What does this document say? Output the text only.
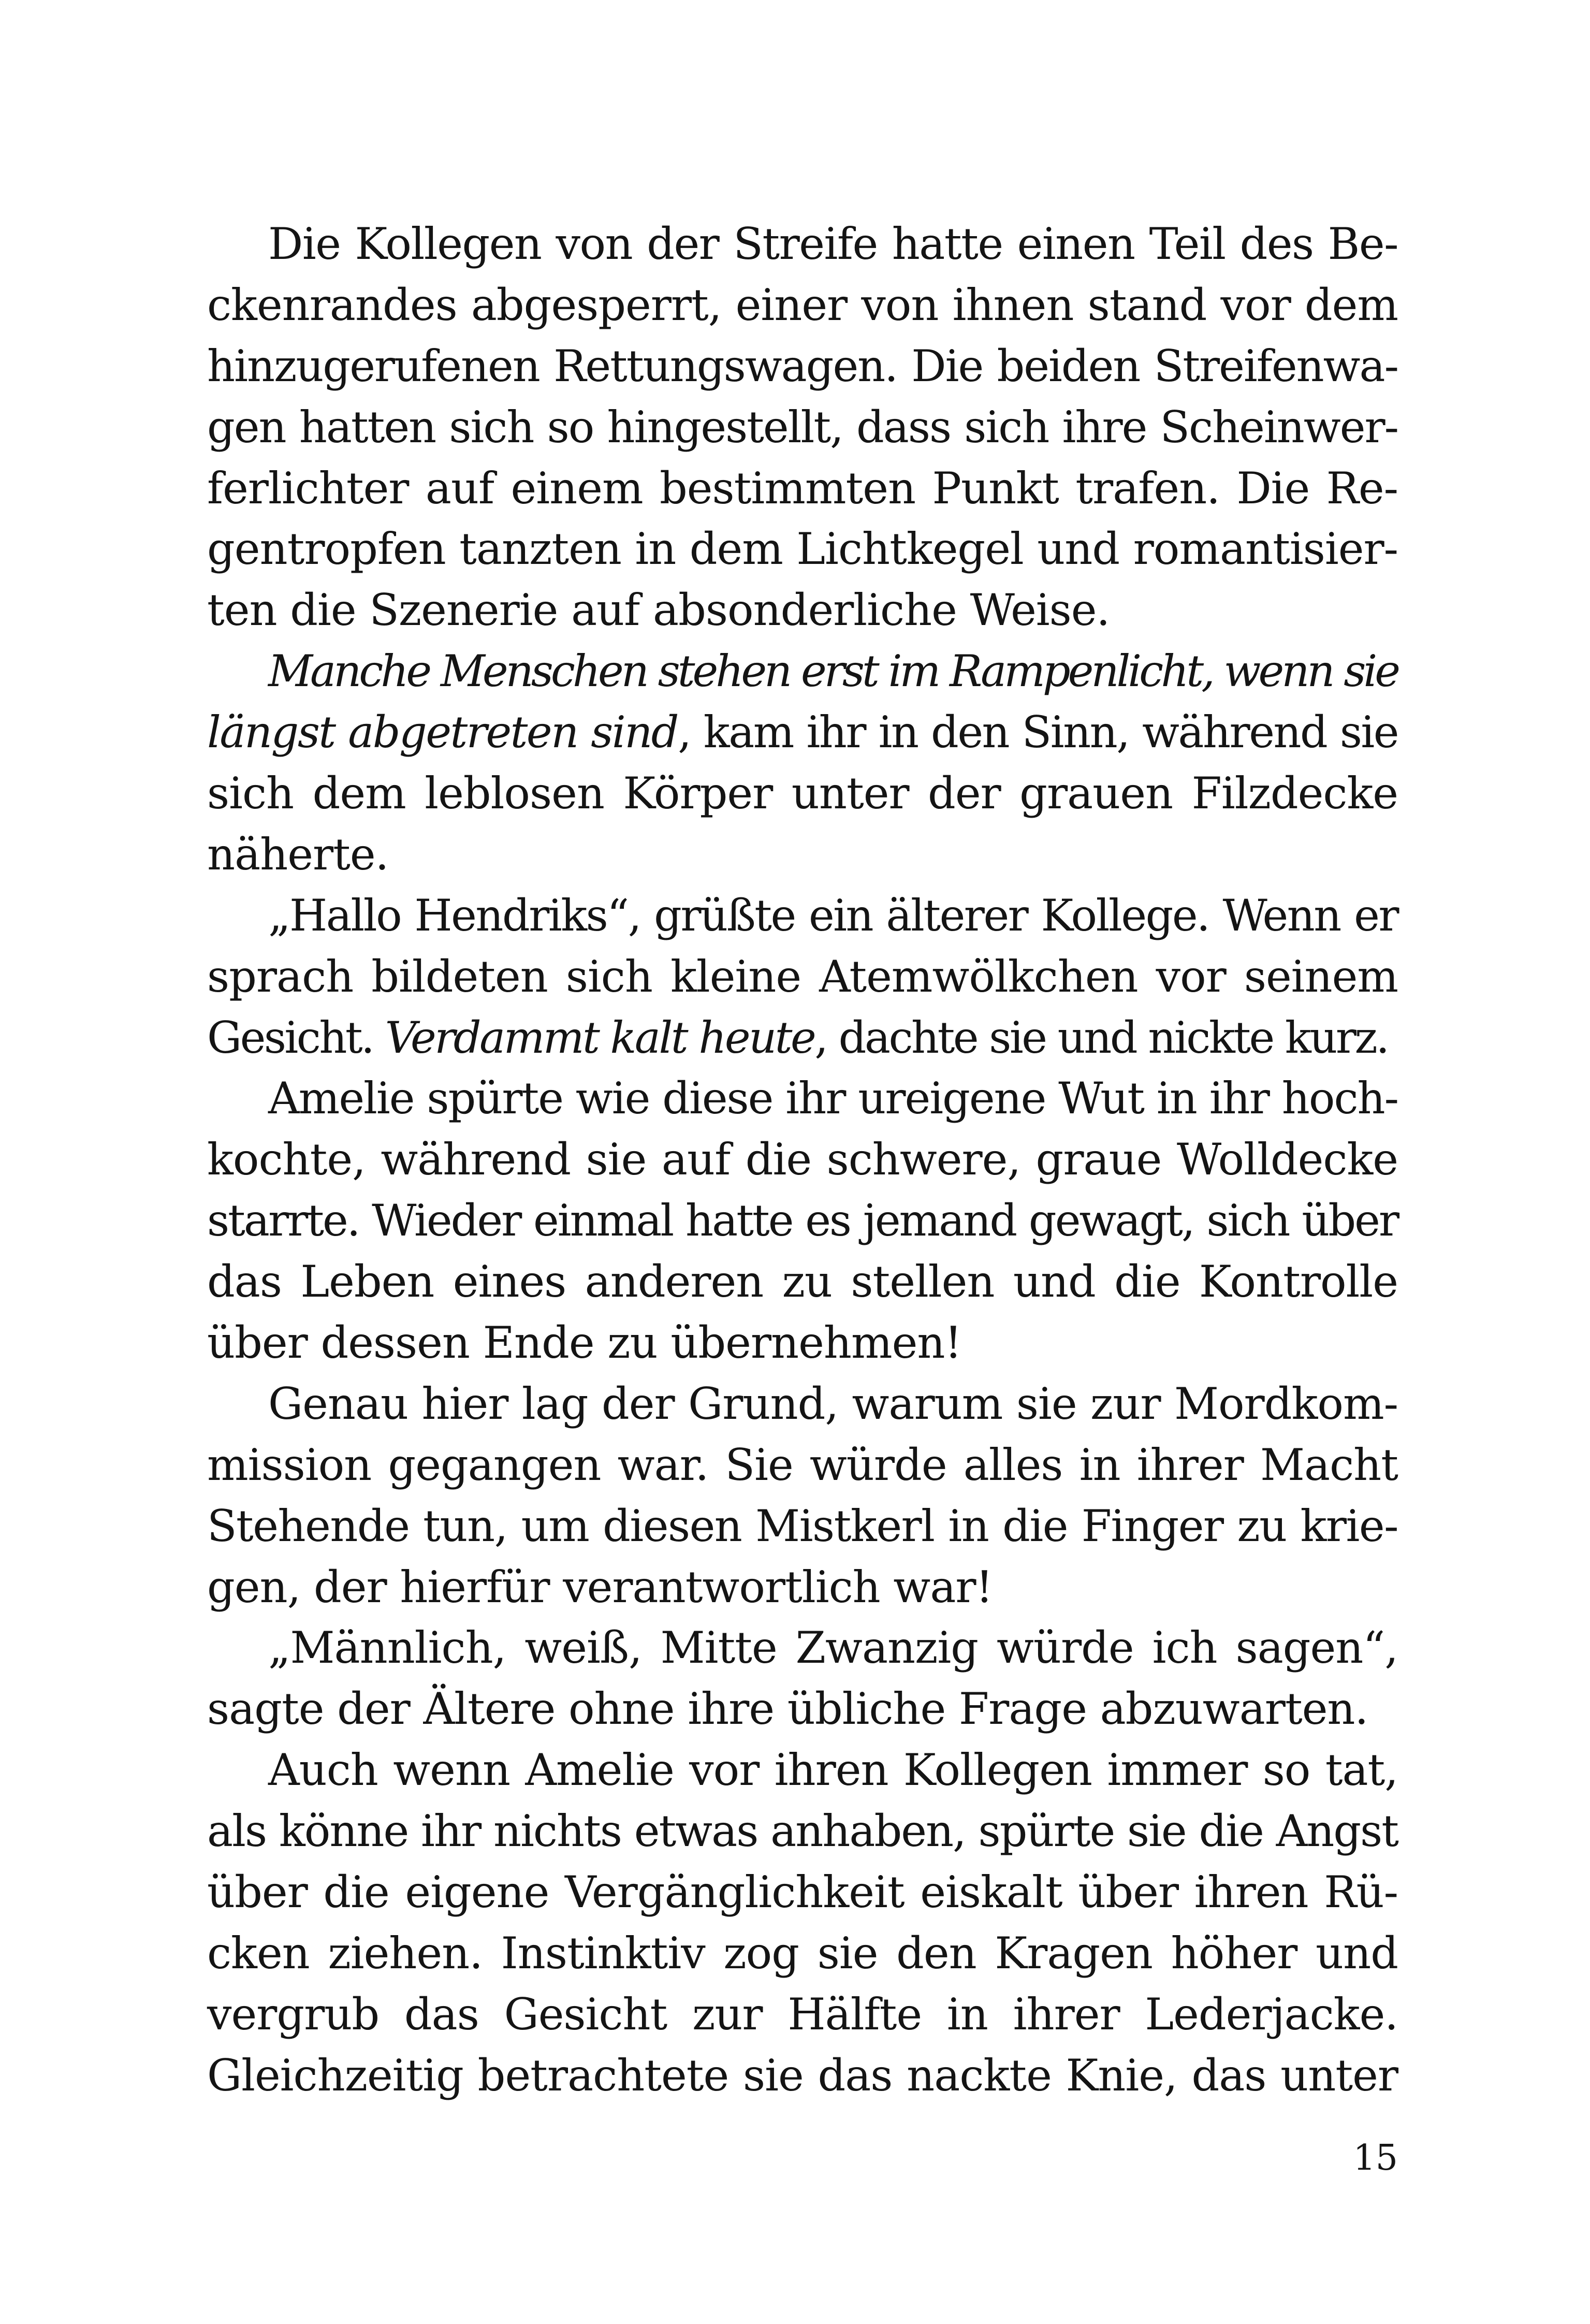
Die Kollegen von der Streife hatte einen Teil des Be-
ckenrandes abgesperrt, einer von ihnen stand vor dem
hinzugerufenen Rettungswagen. Die beiden Streifenwa-
gen hatten sich so hingestellt, dass sich ihre Scheinwer-
ferlichter auf einem bestimmten Punkt trafen. Die Re-
gentropfen tanzten in dem Lichtkegel und romantisier-
ten die Szenerie auf absonderliche Weise.
Manche Menschen stehen erst im Rampenlicht, wenn sie
längst abgetreten sind, kam ihr in den Sinn, während sie
sich dem leblosen Körper unter der grauen Filzdecke
näherte.
„Hallo Hendriks“, grüßte ein älterer Kollege. Wenn er
sprach bildeten sich kleine Atemwölkchen vor seinem
Gesicht. Verdammt kalt heute, dachte sie und nickte kurz.
Amelie spürte wie diese ihr ureigene Wut in ihr hoch-
kochte, während sie auf die schwere, graue Wolldecke
starrte. Wieder einmal hatte es jemand gewagt, sich über
das Leben eines anderen zu stellen und die Kontrolle
über dessen Ende zu übernehmen!
Genau hier lag der Grund, warum sie zur Mordkom-
mission gegangen war. Sie würde alles in ihrer Macht
Stehende tun, um diesen Mistkerl in die Finger zu krie-
gen, der hierfür verantwortlich war!
„Männlich, weiß, Mitte Zwanzig würde ich sagen“,
sagte der Ältere ohne ihre übliche Frage abzuwarten.
Auch wenn Amelie vor ihren Kollegen immer so tat,
als könne ihr nichts etwas anhaben, spürte sie die Angst
über die eigene Vergänglichkeit eiskalt über ihren Rü-
cken ziehen. Instinktiv zog sie den Kragen höher und
vergrub das Gesicht zur Hälfte in ihrer Lederjacke.
Gleichzeitig betrachtete sie das nackte Knie, das unter
15
